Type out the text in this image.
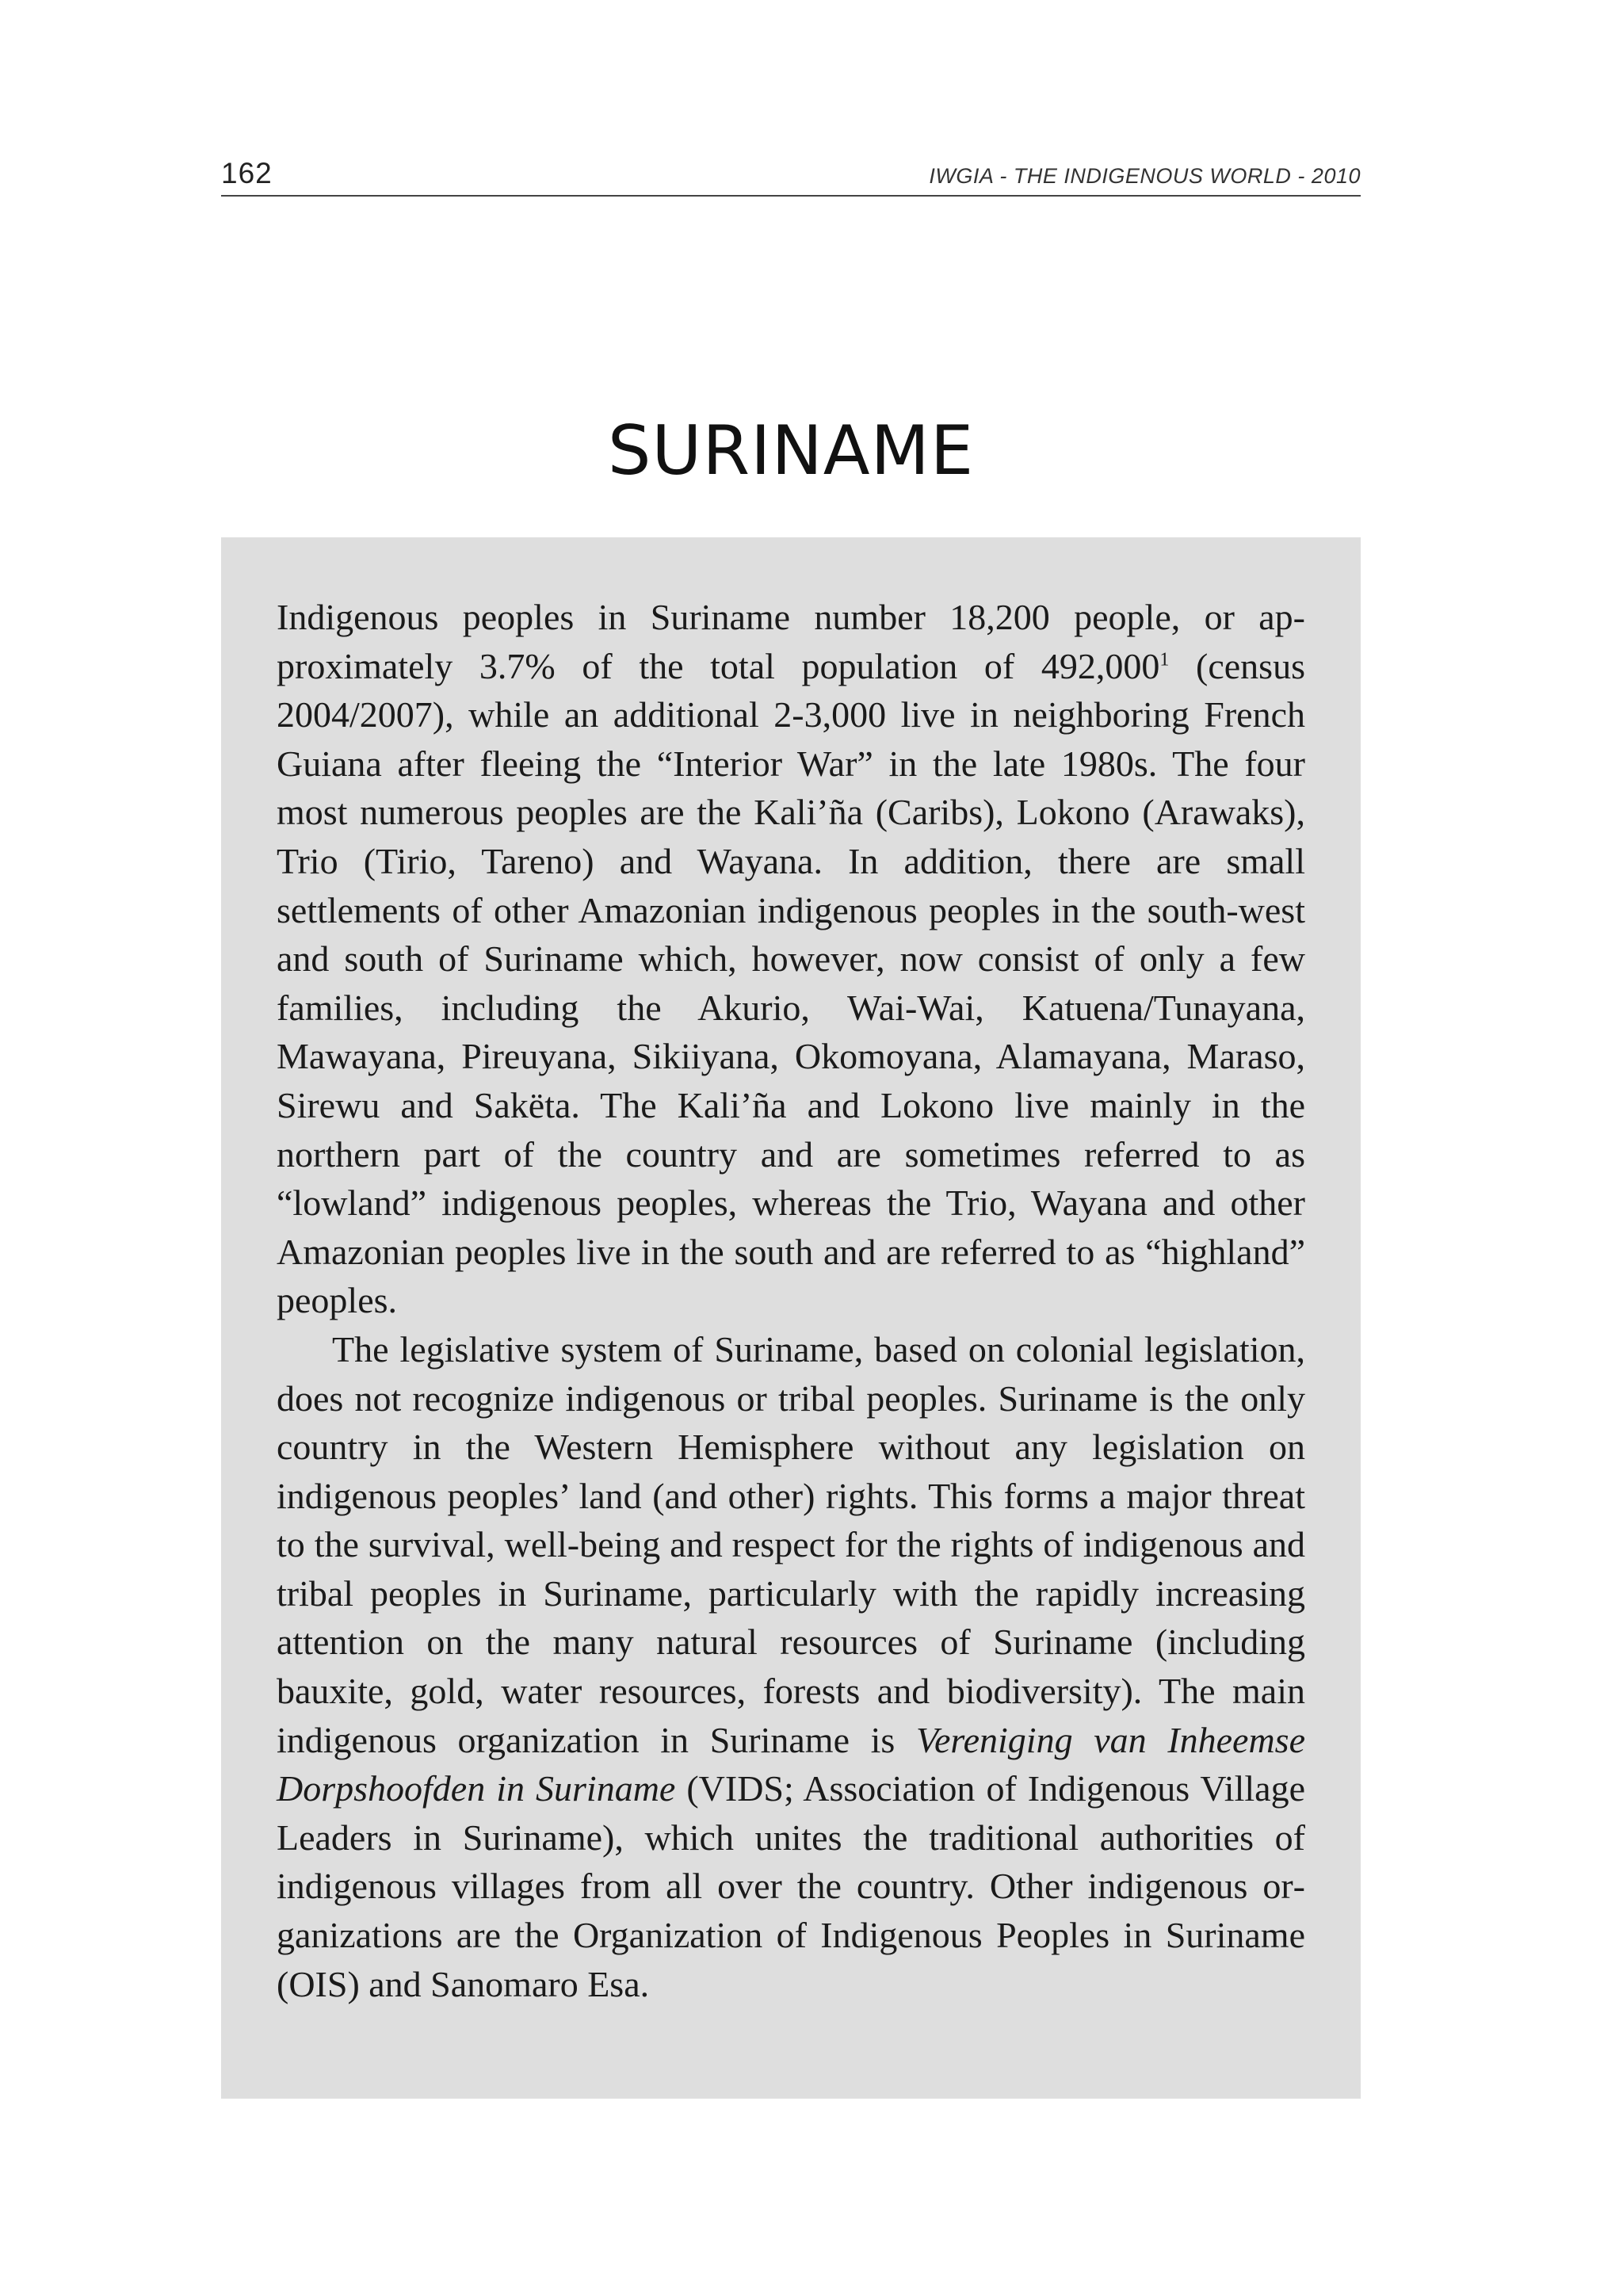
162	IWGIA - THE INDIGENOUS WORLD - 2010
SURINAME

Indigenous peoples in Suriname number 18,200 people, or approximately 3.7% of the total population of 492,000$^1$ (census 2004/2007), while an additional 2-3,000 live in neighboring French Guiana after fleeing the “Interior War” in the late 1980s. The four most numerous peoples are the Kali’ña (Caribs), Lokono (Arawaks), Trio (Tirio, Tareno) and Wayana. In addition, there are small settlements of other Amazonian indigenous peoples in the south-west and south of Suriname which, however, now consist of only a few families, including the Akurio, Wai-Wai, Katuena/Tunayana, Mawayana, Pireuyana, Sikiiyana, Okomoyana, Alamayana, Maraso, Sirewu and Sakëta. The Kali’ña and Lokono live mainly in the northern part of the country and are sometimes referred to as “lowland” indigenous peoples, whereas the Trio, Wayana and other Amazonian peoples live in the south and are referred to as “highland” peoples.

The legislative system of Suriname, based on colonial legislation, does not recognize indigenous or tribal peoples. Suriname is the only country in the Western Hemisphere without any legislation on indigenous peoples’ land (and other) rights. This forms a major threat to the survival, well-being and respect for the rights of indigenous and tribal peoples in Suriname, particularly with the rapidly increasing attention on the many natural resources of Suriname (including bauxite, gold, water resources, forests and biodiversity). The main indigenous organization in Suriname is Vereniging van Inheemse Dorpshoofden in Suriname (VIDS; Association of Indigenous Village Leaders in Suriname), which unites the traditional authorities of indigenous villages from all over the country. Other indigenous organizations are the Organization of Indigenous Peoples in Suriname (OIS) and Sanomaro Esa.
